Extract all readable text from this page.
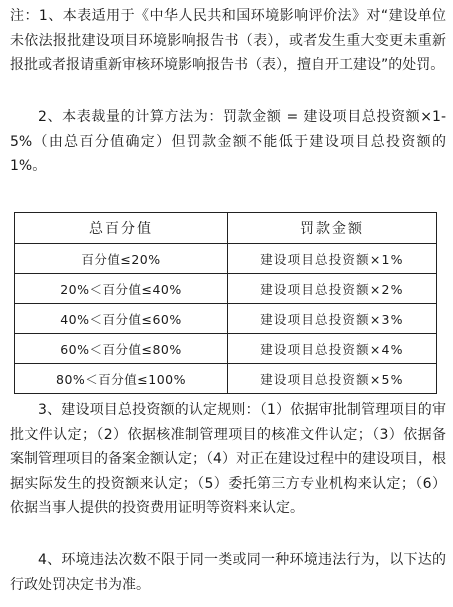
注：1、本表适用于《中华人民共和国环境影响评价法》对“建设单位未依法报批建设项目环境影响报告书（表），或者发生重大变更未重新报批或者报请重新审核环境影响报告书（表），擅自开工建设”的处罚。

2、本表裁量的计算方法为：罚款金额 = 建设项目总投资额×1-5%（由总百分值确定）但罚款金额不能低于建设项目总投资额的 1%。

总百分值	罚款金额
百分值≤20%	建设项目总投资额×1%
20%＜百分值≤40%	建设项目总投资额×2%
40%＜百分值≤60%	建设项目总投资额×3%
60%＜百分值≤80%	建设项目总投资额×4%
80%＜百分值≤100%	建设项目总投资额×5%

3、建设项目总投资额的认定规则：（1）依据审批制管理项目的审批文件认定；（2）依据核准制管理项目的核准文件认定；（3）依据备案制管理项目的备案金额认定；（4）对正在建设过程中的建设项目，根据实际发生的投资额来认定；（5）委托第三方专业机构来认定；（6）依据当事人提供的投资费用证明等资料来认定。

4、环境违法次数不限于同一类或同一种环境违法行为，以下达的行政处罚决定书为准。
